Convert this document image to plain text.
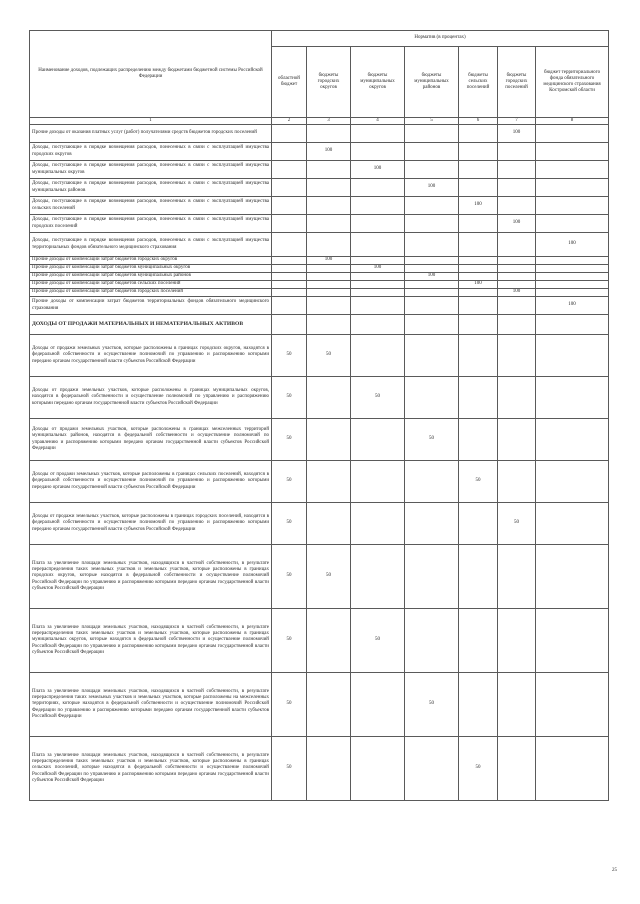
Наименование доходов, подлежащих распределению между бюджетами бюджетной системы Российской Федерации	Норматив (в процентах)						
	областной бюджет	бюджеты городских округов	бюджеты муниципальных округов	бюджеты муниципальных районов	бюджеты сельских поселений	бюджеты городских поселений	бюджет территориального фонда обязательного медицинского страхования Костромской области
1	2	3	4	5	6	7	8
Прочие доходы от оказания платных услуг (работ) получателями средств бюджетов городских поселений						100	
Доходы, поступающие в порядке возмещения расходов, понесенных в связи с эксплуатацией имущества городских округов		100					
Доходы, поступающие в порядке возмещения расходов, понесенных в связи с эксплуатацией имущества муниципальных округов			100				
Доходы, поступающие в порядке возмещения расходов, понесенных в связи с эксплуатацией имущества муниципальных районов				100			
Доходы, поступающие в порядке возмещения расходов, понесенных в связи с эксплуатацией имущества сельских поселений					100		
Доходы, поступающие в порядке возмещения расходов, понесенных в связи с эксплуатацией имущества городских поселений						100	
Доходы, поступающие в порядке возмещения расходов, понесенных в связи с эксплуатацией имущества территориальных фондов обязательного медицинского страхования							100
Прочие доходы от компенсации затрат бюджетов городских округов		100					
Прочие доходы от компенсации затрат бюджетов муниципальных округов			100				
Прочие доходы от компенсации затрат бюджетов муниципальных районов				100			
Прочие доходы от компенсации затрат бюджетов сельских поселений					100		
Прочие доходы от компенсации затрат бюджетов городских поселений						100	
Прочие доходы от компенсации затрат бюджетов территориальных фондов обязательного медицинского страхования							100
ДОХОДЫ ОТ ПРОДАЖИ МАТЕРИАЛЬНЫХ И НЕМАТЕРИАЛЬНЫХ АКТИВОВ							
Доходы от продажи земельных участков, которые расположены в границах городских округов, находятся в федеральной собственности и осуществление полномочий по управлению и распоряжению которыми передано органам государственной власти субъектов Российской Федерации	50	50					
Доходы от продажи земельных участков, которые расположены в границах муниципальных округов, находятся в федеральной собственности и осуществление полномочий по управлению и распоряжению которыми передано органам государственной власти субъектов Российской Федерации	50		50				
Доходы от продажи земельных участков, которые расположены в границах межселенных территорий муниципальных районов, находятся в федеральной собственности и осуществление полномочий по управлению и распоряжению которыми передано органам государственной власти субъектов Российской Федерации	50			50			
Доходы от продажи земельных участков, которые расположены в границах сельских поселений, находятся в федеральной собственности и осуществление полномочий по управлению и распоряжению которыми передано органам государственной власти субъектов Российской Федерации	50				50		
Доходы от продажи земельных участков, которые расположены в границах городских поселений, находятся в федеральной собственности и осуществление полномочий по управлению и распоряжению которыми передано органам государственной власти субъектов Российской Федерации	50					50	
Плата за увеличение площади земельных участков, находящихся в частной собственности, в результате перераспределения таких земельных участков и земельных участков, которые расположены в границах городских округов, которые находятся в федеральной собственности и осуществление полномочий Российской Федерации по управлению и распоряжению которыми передано органам государственной власти субъектов Российской Федерации	50	50					
Плата за увеличение площади земельных участков, находящихся в частной собственности, в результате перераспределения таких земельных участков и земельных участков, которые расположены в границах муниципальных округов, которые находятся в федеральной собственности и осуществление полномочий Российской Федерации по управлению и распоряжению которыми передано органам государственной власти субъектов Российской Федерации	50		50				
Плата за увеличение площади земельных участков, находящихся в частной собственности, в результате перераспределения таких земельных участков и земельных участков, которые расположены на межселенных территориях, которые находятся в федеральной собственности и осуществление полномочий Российской Федерации по управлению и распоряжению которыми передано органам государственной власти субъектов Российской Федерации	50			50			
Плата за увеличение площади земельных участков, находящихся в частной собственности, в результате перераспределения таких земельных участков и земельных участков, которые расположены в границах сельских поселений, которые находятся в федеральной собственности и осуществление полномочий Российской Федерации по управлению и распоряжению которыми передано органам государственной власти субъектов Российской Федерации	50				50		
25
